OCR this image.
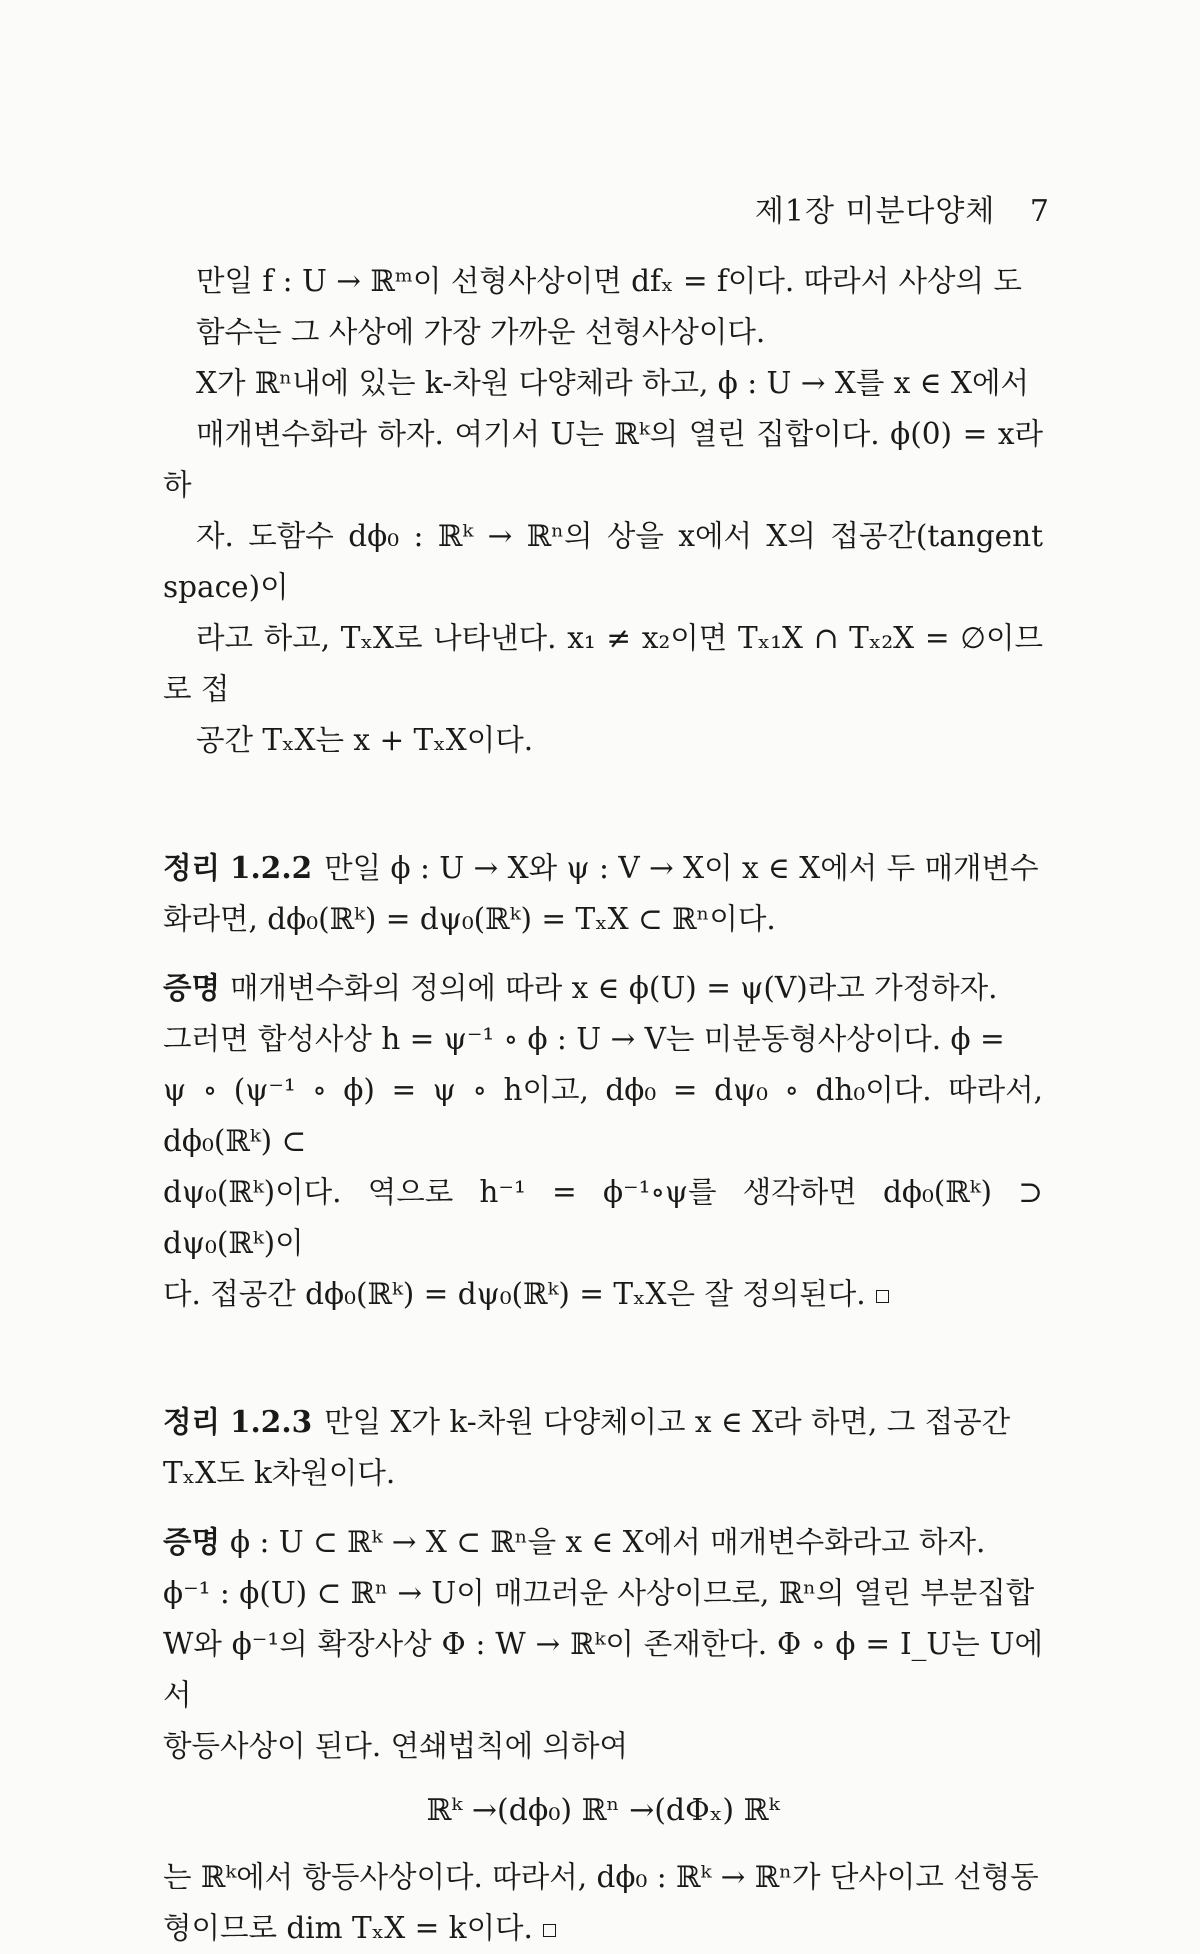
제1장 미분다양체 7

만일 f : U → ℝᵐ이 선형사상이면 dfₓ = f이다. 따라서 사상의 도
함수는 그 사상에 가장 가까운 선형사상이다.

X가 ℝⁿ내에 있는 k-차원 다양체라 하고, ϕ : U → X를 x ∈ X에서
매개변수화라 하자. 여기서 U는 ℝᵏ의 열린 집합이다. ϕ(0) = x라 하
자. 도함수 dϕ₀ : ℝᵏ → ℝⁿ의 상을 x에서 X의 접공간(tangent space)이
라고 하고, TₓX로 나타낸다. x₁ ≠ x₂이면 Tₓ₁X ∩ Tₓ₂X = ∅이므로 접
공간 TₓX는 x + TₓX이다.

정리 1.2.2 만일 ϕ : U → X와 ψ : V → X이 x ∈ X에서 두 매개변수
화라면, dϕ₀(ℝᵏ) = dψ₀(ℝᵏ) = TₓX ⊂ ℝⁿ이다.

증명 매개변수화의 정의에 따라 x ∈ ϕ(U) = ψ(V)라고 가정하자.
그러면 합성사상 h = ψ⁻¹ ∘ ϕ : U → V는 미분동형사상이다. ϕ =
ψ ∘ (ψ⁻¹ ∘ ϕ) = ψ ∘ h이고, dϕ₀ = dψ₀ ∘ dh₀이다. 따라서, dϕ₀(ℝᵏ) ⊂
dψ₀(ℝᵏ)이다. 역으로 h⁻¹ = ϕ⁻¹∘ψ를 생각하면 dϕ₀(ℝᵏ) ⊃ dψ₀(ℝᵏ)이
다. 접공간 dϕ₀(ℝᵏ) = dψ₀(ℝᵏ) = TₓX은 잘 정의된다.

정리 1.2.3 만일 X가 k-차원 다양체이고 x ∈ X라 하면, 그 접공간
TₓX도 k차원이다.

증명 ϕ : U ⊂ ℝᵏ → X ⊂ ℝⁿ을 x ∈ X에서 매개변수화라고 하자.
ϕ⁻¹ : ϕ(U) ⊂ ℝⁿ → U이 매끄러운 사상이므로, ℝⁿ의 열린 부분집합
W와 ϕ⁻¹의 확장사상 Φ : W → ℝᵏ이 존재한다. Φ ∘ ϕ = I_U는 U에서
항등사상이 된다. 연쇄법칙에 의하여

ℝᵏ →(dϕ₀) ℝⁿ →(dΦₓ) ℝᵏ

는 ℝᵏ에서 항등사상이다. 따라서, dϕ₀ : ℝᵏ → ℝⁿ가 단사이고 선형동
형이므로 dim TₓX = k이다.
